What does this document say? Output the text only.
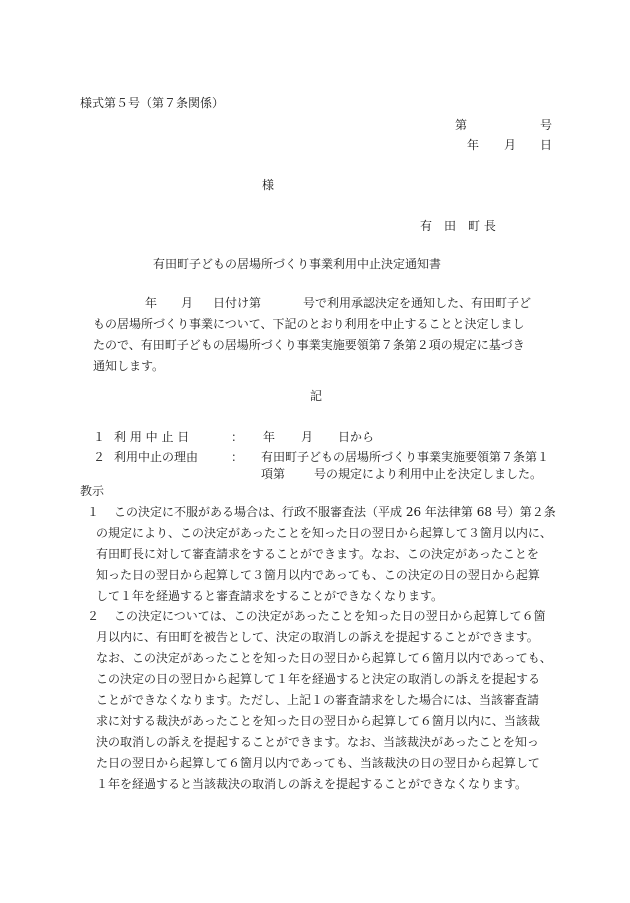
様式第５号（第７条関係）
第	号
年 月 日
様
有　田　町 長
有田町子どもの居場所づくり事業利用中止決定通知書
年 月 日付け第	号で利用承認決定を通知した、有田町子ど
もの居場所づくり事業について、下記のとおり利用を中止することと決定しまし
たので、有田町子どもの居場所づくり事業実施要領第７条第２項の規定に基づき
通知します。
記
１ 利 用 中 止 日	： 年 月 日から
２ 利用中止の理由	： 有田町子どもの居場所づくり事業実施要領第７条第１
項第 号の規定により利用中止を決定しました。
教示
１ この決定に不服がある場合は、行政不服審査法（平成 26 年法律第 68 号）第２条
の規定により、この決定があったことを知った日の翌日から起算して３箇月以内に、
有田町長に対して審査請求をすることができます。なお、この決定があったことを
知った日の翌日から起算して３箇月以内であっても、この決定の日の翌日から起算
して１年を経過すると審査請求をすることができなくなります。
２ この決定については、この決定があったことを知った日の翌日から起算して６箇
月以内に、有田町を被告として、決定の取消しの訴えを提起することができます。
なお、この決定があったことを知った日の翌日から起算して６箇月以内であっても、
この決定の日の翌日から起算して１年を経過すると決定の取消しの訴えを提起する
ことができなくなります。ただし、上記１の審査請求をした場合には、当該審査請
求に対する裁決があったことを知った日の翌日から起算して６箇月以内に、当該裁
決の取消しの訴えを提起することができます。なお、当該裁決があったことを知っ
た日の翌日から起算して６箇月以内であっても、当該裁決の日の翌日から起算して
１年を経過すると当該裁決の取消しの訴えを提起することができなくなります。
